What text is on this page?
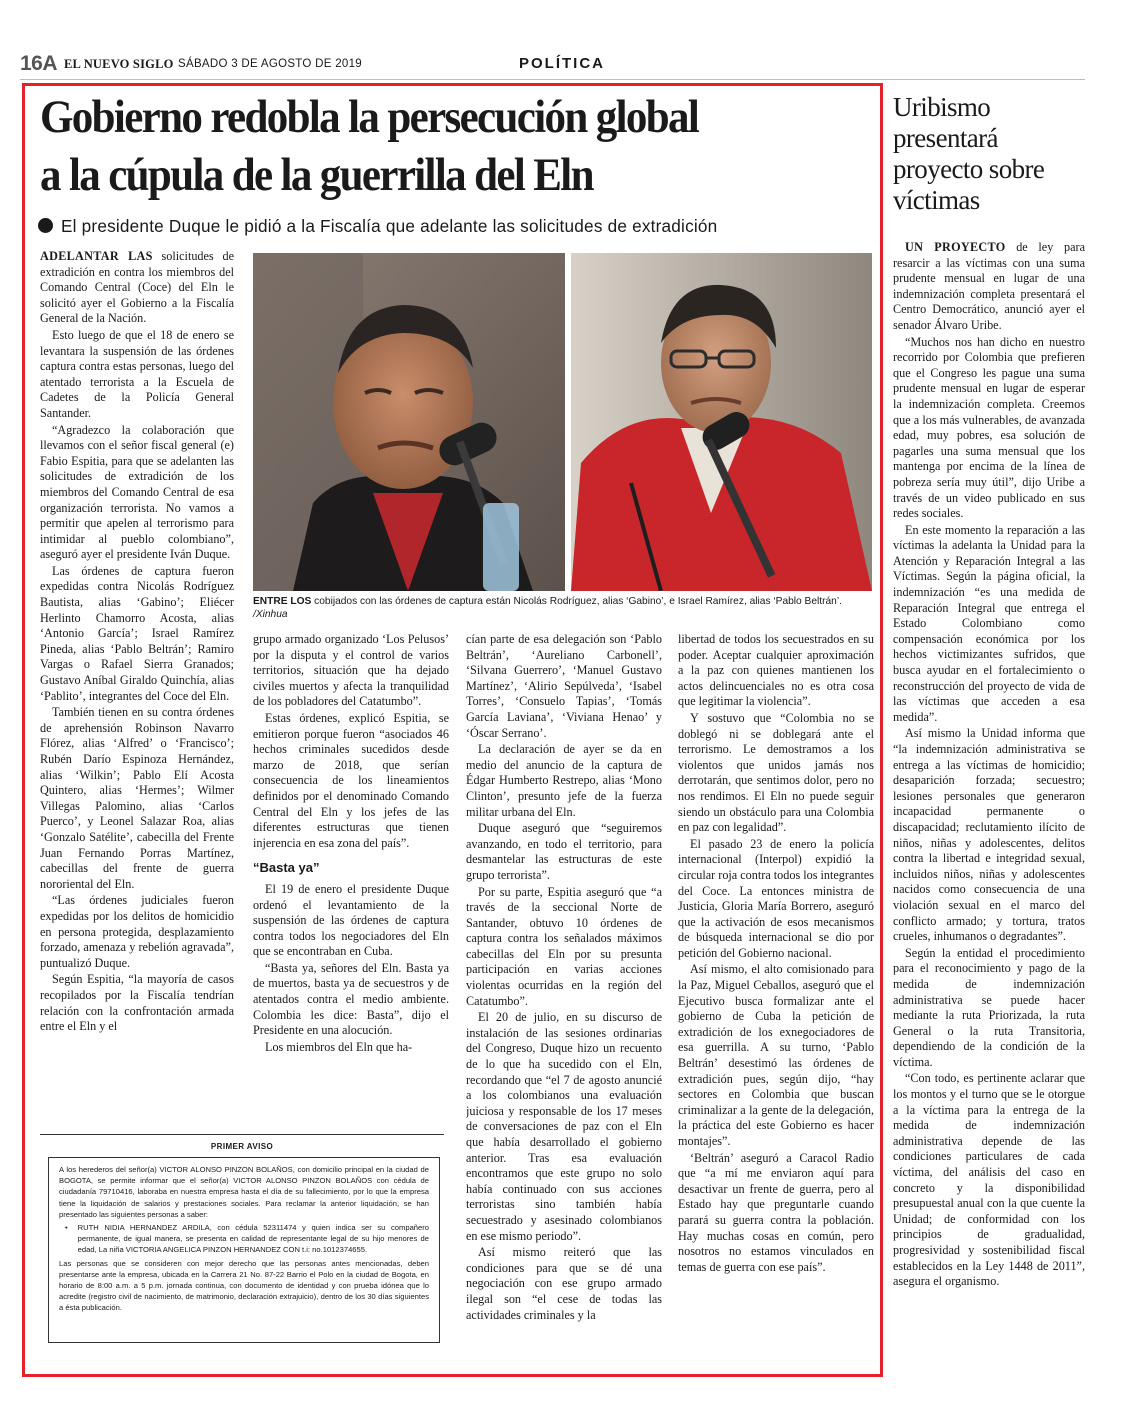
16A EL NUEVO SIGLO SÁBADO 3 DE AGOSTO DE 2019	POLÍTICA
Gobierno redobla la persecución global
a la cúpula de la guerrilla del Eln
El presidente Duque le pidió a la Fiscalía que adelante las solicitudes de extradición

ADELANTAR LAS solicitudes de extradición en contra los miembros del Comando Central (Coce) del Eln le solicitó ayer el Gobierno a la Fiscalía General de la Nación.

Esto luego de que el 18 de enero se levantara la suspensión de las órdenes captura contra estas personas, luego del atentado terrorista a la Escuela de Cadetes de la Policía General Santander.

“Agradezco la colaboración que llevamos con el señor fiscal general (e) Fabio Espitia, para que se adelanten las solicitudes de extradición de los miembros del Comando Central de esa organización terrorista. No vamos a permitir que apelen al terrorismo para intimidar al pueblo colombiano”, aseguró ayer el presidente Iván Duque.

Las órdenes de captura fueron expedidas contra Nicolás Rodríguez Bautista, alias ‘Gabino’; Eliécer Herlinto Chamorro Acosta, alias ‘Antonio García’; Israel Ramírez Pineda, alias ‘Pablo Beltrán’; Ramiro Vargas o Rafael Sierra Granados; Gustavo Aníbal Giraldo Quinchía, alias ‘Pablito’, integrantes del Coce del Eln.

También tienen en su contra órdenes de aprehensión Robinson Navarro Flórez, alias ‘Alfred’ o ‘Francisco’; Rubén Darío Espinoza Hernández, alias ‘Wilkin’; Pablo Elí Acosta Quintero, alias ‘Hermes’; Wilmer Villegas Palomino, alias ‘Carlos Puerco’, y Leonel Salazar Roa, alias ‘Gonzalo Satélite’, cabecilla del Frente Juan Fernando Porras Martínez, cabecillas del frente de guerra nororiental del Eln.

“Las órdenes judiciales fueron expedidas por los delitos de homicidio en persona protegida, desplazamiento forzado, amenaza y rebelión agravada”, puntualizó Duque.

Según Espitia, “la mayoría de casos recopilados por la Fiscalía tendrían relación con la confrontación armada entre el Eln y el

ENTRE LOS cobijados con las órdenes de captura están Nicolás Rodríguez, alias ‘Gabino’, e Israel Ramírez, alias ‘Pablo Beltrán’. /Xinhua

grupo armado organizado ‘Los Pelusos’ por la disputa y el control de varios territorios, situación que ha dejado civiles muertos y afecta la tranquilidad de los pobladores del Catatumbo”.

Estas órdenes, explicó Espitia, se emitieron porque fueron “asociados 46 hechos criminales sucedidos desde marzo de 2018, que serían consecuencia de los lineamientos definidos por el denominado Comando Central del Eln y los jefes de las diferentes estructuras que tienen injerencia en esa zona del país”.

“Basta ya”

El 19 de enero el presidente Duque ordenó el levantamiento de la suspensión de las órdenes de captura contra todos los negociadores del Eln que se encontraban en Cuba.

“Basta ya, señores del Eln. Basta ya de muertos, basta ya de secuestros y de atentados contra el medio ambiente. Colombia les dice: Basta”, dijo el Presidente en una alocución.

Los miembros del Eln que ha-

cían parte de esa delegación son ‘Pablo Beltrán’, ‘Aureliano Carbonell’, ‘Silvana Guerrero’, ‘Manuel Gustavo Martínez’, ‘Alirio Sepúlveda’, ‘Isabel Torres’, ‘Consuelo Tapias’, ‘Tomás García Laviana’, ‘Viviana Henao’ y ‘Óscar Serrano’.

La declaración de ayer se da en medio del anuncio de la captura de Édgar Humberto Restrepo, alias ‘Mono Clinton’, presunto jefe de la fuerza militar urbana del Eln.

Duque aseguró que “seguiremos avanzando, en todo el territorio, para desmantelar las estructuras de este grupo terrorista”.

Por su parte, Espitia aseguró que “a través de la seccional Norte de Santander, obtuvo 10 órdenes de captura contra los señalados máximos cabecillas del Eln por su presunta participación en varias acciones violentas ocurridas en la región del Catatumbo”.

El 20 de julio, en su discurso de instalación de las sesiones ordinarias del Congreso, Duque hizo un recuento de lo que ha sucedido con el Eln, recordando que “el 7 de agosto anuncié a los colombianos una evaluación juiciosa y responsable de los 17 meses de conversaciones de paz con el Eln que había desarrollado el gobierno anterior. Tras esa evaluación encontramos que este grupo no solo había continuado con sus acciones terroristas sino también había secuestrado y asesinado colombianos en ese mismo periodo”.

Así mismo reiteró que las condiciones para que se dé una negociación con ese grupo armado ilegal son “el cese de todas las actividades criminales y la

libertad de todos los secuestrados en su poder. Aceptar cualquier aproximación a la paz con quienes mantienen los actos delincuenciales no es otra cosa que legitimar la violencia”.

Y sostuvo que “Colombia no se doblegó ni se doblegará ante el terrorismo. Le demostramos a los violentos que unidos jamás nos derrotarán, que sentimos dolor, pero no nos rendimos. El Eln no puede seguir siendo un obstáculo para una Colombia en paz con legalidad”.

El pasado 23 de enero la policía internacional (Interpol) expidió la circular roja contra todos los integrantes del Coce. La entonces ministra de Justicia, Gloria María Borrero, aseguró que la activación de esos mecanismos de búsqueda internacional se dio por petición del Gobierno nacional.

Así mismo, el alto comisionado para la Paz, Miguel Ceballos, aseguró que el Ejecutivo busca formalizar ante el gobierno de Cuba la petición de extradición de los exnegociadores de esa guerrilla. A su turno, ‘Pablo Beltrán’ desestimó las órdenes de extradición pues, según dijo, “hay sectores en Colombia que buscan criminalizar a la gente de la delegación, la práctica del este Gobierno es hacer montajes”.

‘Beltrán’ aseguró a Caracol Radio que “a mí me enviaron aquí para desactivar un frente de guerra, pero al Estado hay que preguntarle cuando parará su guerra contra la población. Hay muchas cosas en común, pero nosotros no estamos vinculados en temas de guerra con ese país”.

PRIMER AVISO

A los herederos del señor(a) VICTOR ALONSO PINZON BOLAÑOS, con domicilio principal en la ciudad de BOGOTA, se permite informar que el señor(a) VICTOR ALONSO PINZON BOLAÑOS con cédula de ciudadanía 79710416, laboraba en nuestra empresa hasta el día de su fallecimiento, por lo que la empresa tiene la liquidación de salarios y prestaciones sociales. Para reclamar la anterior liquidación, se han presentado las siguientes personas a saber:

• RUTH NIDIA HERNANDEZ ARDILA, con cédula 52311474 y quien indica ser su compañero permanente, de igual manera, se presenta en calidad de representante legal de su hijo menores de edad, La niña VICTORIA ANGELICA PINZON HERNANDEZ CON t.i: no.1012374655.

Las personas que se consideren con mejor derecho que las personas antes mencionadas, deben presentarse ante la empresa, ubicada en la Carrera 21 No. 87-22 Barrio el Polo en la ciudad de Bogota, en horario de 8:00 a.m. a 5 p.m. jornada continua, con documento de identidad y con prueba idónea que lo acredite (registro civil de nacimiento, de matrimonio, declaración extrajuicio), dentro de los 30 días siguientes a ésta publicación.

Uribismo presentará proyecto sobre víctimas

UN PROYECTO de ley para resarcir a las víctimas con una suma prudente mensual en lugar de una indemnización completa presentará el Centro Democrático, anunció ayer el senador Álvaro Uribe.

“Muchos nos han dicho en nuestro recorrido por Colombia que prefieren que el Congreso les pague una suma prudente mensual en lugar de esperar la indemnización completa. Creemos que a los más vulnerables, de avanzada edad, muy pobres, esa solución de pagarles una suma mensual que los mantenga por encima de la línea de pobreza sería muy útil”, dijo Uribe a través de un video publicado en sus redes sociales.

En este momento la reparación a las víctimas la adelanta la Unidad para la Atención y Reparación Integral a las Víctimas. Según la página oficial, la indemnización “es una medida de Reparación Integral que entrega el Estado Colombiano como compensación económica por los hechos victimizantes sufridos, que busca ayudar en el fortalecimiento o reconstrucción del proyecto de vida de las víctimas que acceden a esa medida”.

Así mismo la Unidad informa que “la indemnización administrativa se entrega a las víctimas de homicidio; desaparición forzada; secuestro; lesiones personales que generaron incapacidad permanente o discapacidad; reclutamiento ilícito de niños, niñas y adolescentes, delitos contra la libertad e integridad sexual, incluidos niños, niñas y adolescentes nacidos como consecuencia de una violación sexual en el marco del conflicto armado; y tortura, tratos crueles, inhumanos o degradantes”.

Según la entidad el procedimiento para el reconocimiento y pago de la medida de indemnización administrativa se puede hacer mediante la ruta Priorizada, la ruta General o la ruta Transitoria, dependiendo de la condición de la víctima.

“Con todo, es pertinente aclarar que los montos y el turno que se le otorgue a la víctima para la entrega de la medida de indemnización administrativa depende de las condiciones particulares de cada víctima, del análisis del caso en concreto y la disponibilidad presupuestal anual con la que cuente la Unidad; de conformidad con los principios de gradualidad, progresividad y sostenibilidad fiscal establecidos en la Ley 1448 de 2011”, asegura el organismo.
